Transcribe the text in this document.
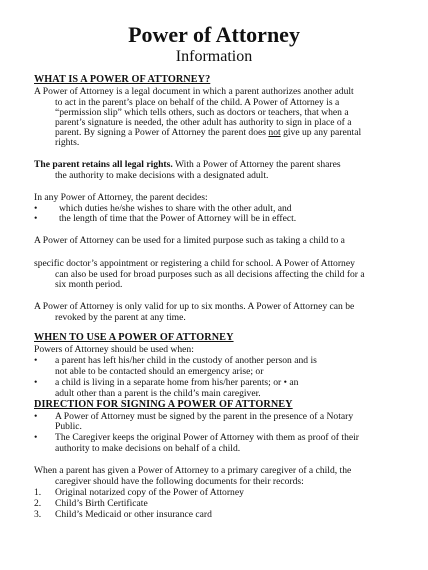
Power of Attorney
Information
WHAT IS A POWER OF ATTORNEY?
A Power of Attorney is a legal document in which a parent authorizes another adult
to act in the parent’s place on behalf of the child. A Power of Attorney is a
“permission slip” which tells others, such as doctors or teachers, that when a
parent’s signature is needed, the other adult has authority to sign in place of a
parent. By signing a Power of Attorney the parent does not give up any parental
rights.
The parent retains all legal rights. With a Power of Attorney the parent shares
the authority to make decisions with a designated adult.
In any Power of Attorney, the parent decides:
• which duties he/she wishes to share with the other adult, and
• the length of time that the Power of Attorney will be in effect.
A Power of Attorney can be used for a limited purpose such as taking a child to a
specific doctor’s appointment or registering a child for school. A Power of Attorney
can also be used for broad purposes such as all decisions affecting the child for a
six month period.
A Power of Attorney is only valid for up to six months. A Power of Attorney can be
revoked by the parent at any time.
WHEN TO USE A POWER OF ATTORNEY
Powers of Attorney should be used when:
• a parent has left his/her child in the custody of another person and is
not able to be contacted should an emergency arise; or
• a child is living in a separate home from his/her parents; or • an
adult other than a parent is the child’s main caregiver.
DIRECTION FOR SIGNING A POWER OF ATTORNEY
• A Power of Attorney must be signed by the parent in the presence of a Notary
Public.
• The Caregiver keeps the original Power of Attorney with them as proof of their
authority to make decisions on behalf of a child.
When a parent has given a Power of Attorney to a primary caregiver of a child, the
caregiver should have the following documents for their records:
1. Original notarized copy of the Power of Attorney
2. Child’s Birth Certificate
3. Child’s Medicaid or other insurance card
